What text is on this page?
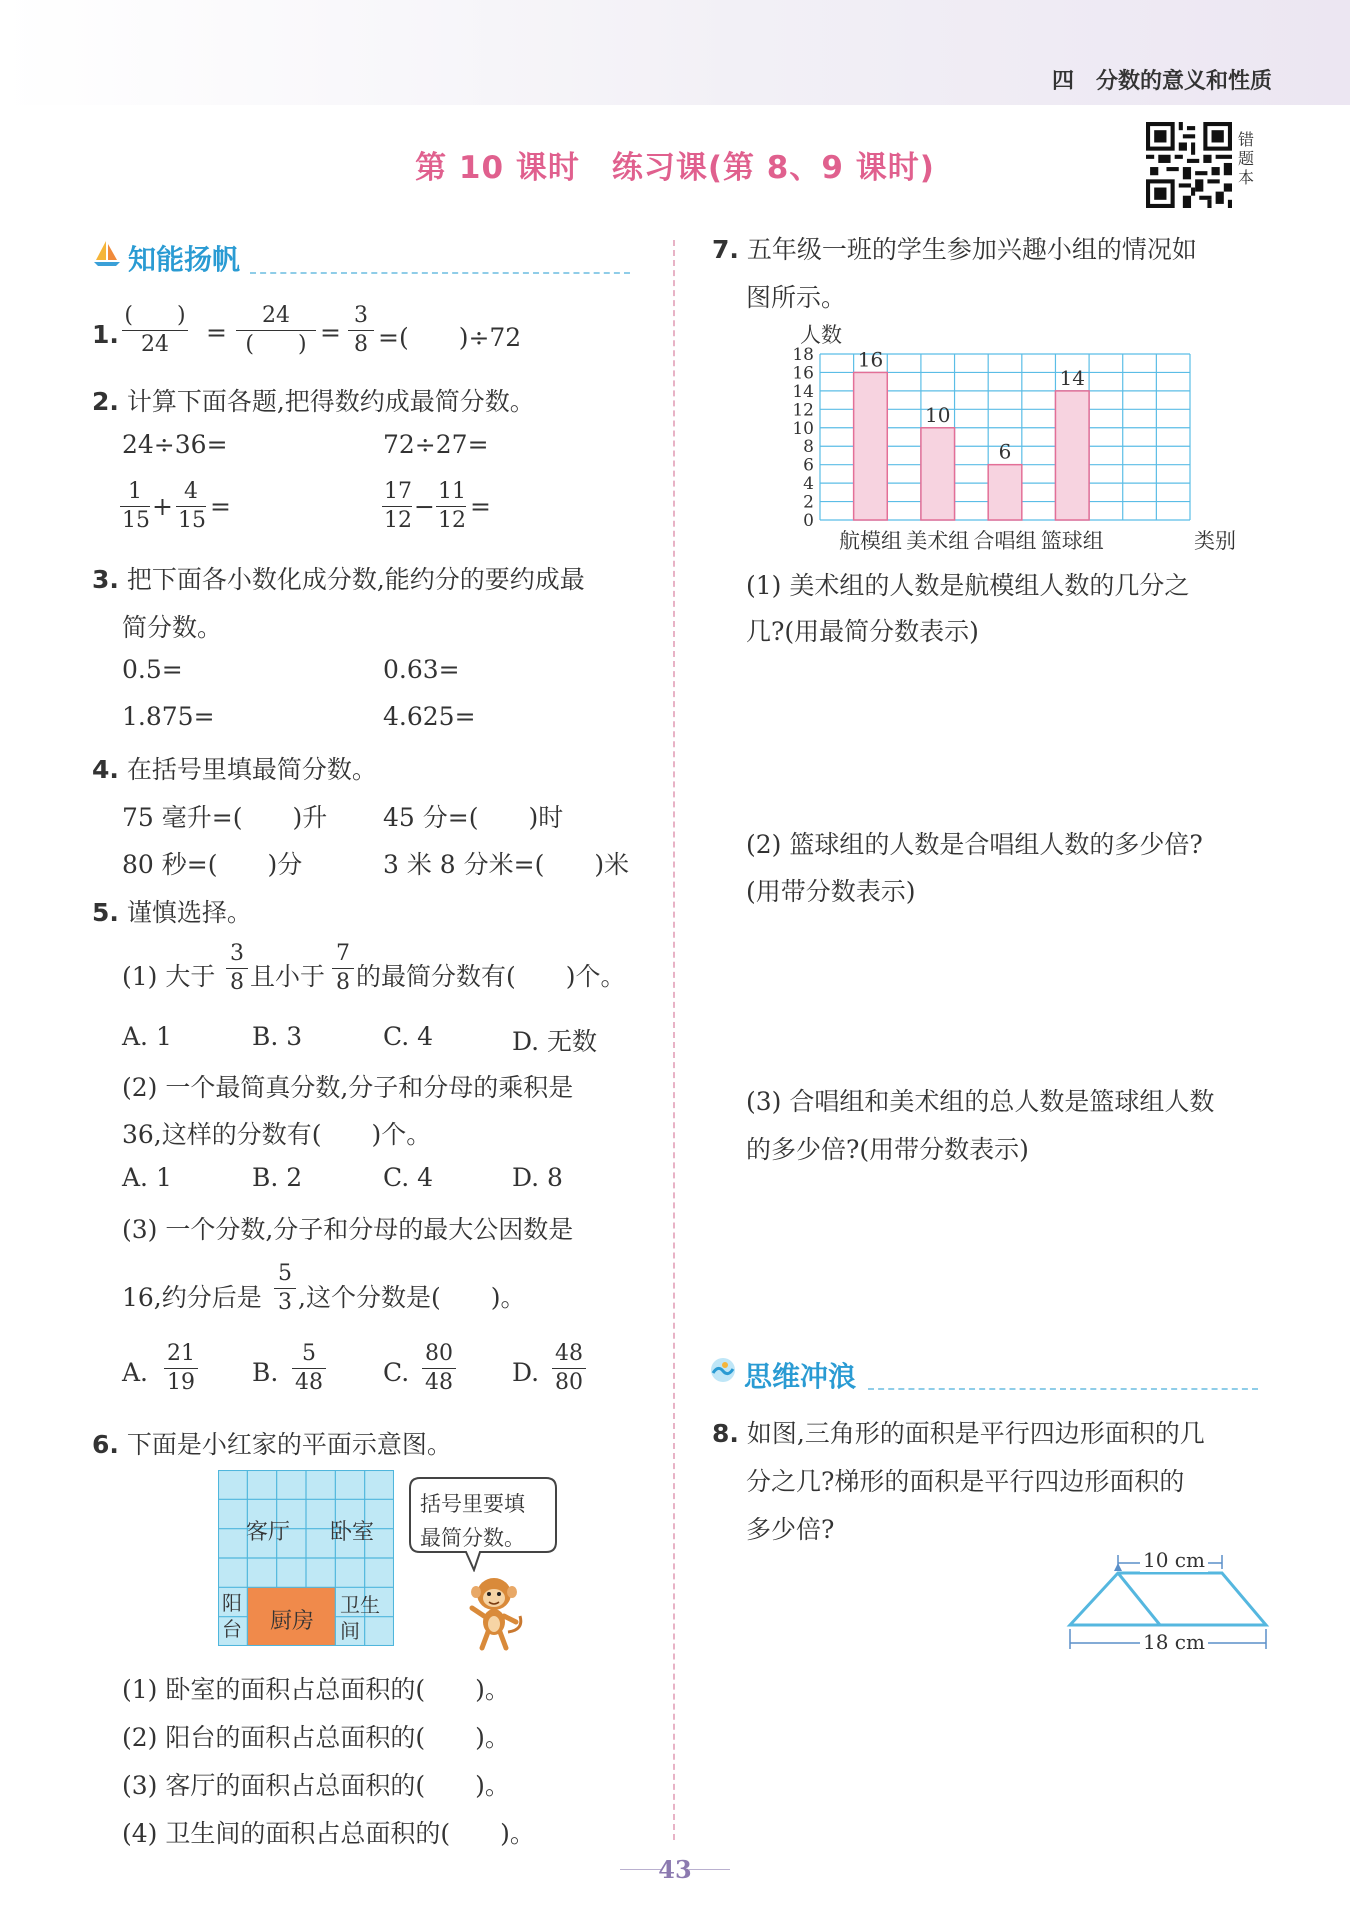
四　分数的意义和性质
第 10 课时　练习课(第 8、9 课时)
错
题
本
知能扬帆
1.
(　　)
24	=
24
(　　) = $\frac{3}{8}$ =(　　)÷72
2. 计算下面各题,把得数约成最简分数。
24÷36=	72÷27=
$\frac{1}{15} + \frac{4}{15}$ =	$\frac{17}{12} - \frac{11}{12}$ =
3. 把下面各小数化成分数,能约分的要约成最
简分数。
0.5=	0.63=
1.875=	4.625=
4. 在括号里填最简分数。
75 毫升=(　　)升 45 分=(　　)时
80 秒=(　　)分	3 米 8 分米=(　　)米
5. 谨慎选择。
(1) 大于 $\frac{3}{8}$ 且小于 $\frac{7}{8}$ 的最简分数有(　　)个。
A. 1	B. 3	C. 4	D. 无数
(2) 一个最简真分数,分子和分母的乘积是
36,这样的分数有(　　)个。
A. 1	B. 2	C. 4	D. 8
(3) 一个分数,分子和分母的最大公因数是
16,约分后是 $\frac{5}{3}$ ,这个分数是(　　)。
A. $\frac{21}{19} B$. $\frac{5}{48} C$. $\frac{80}{48} D$. $\frac{48}{80}$
6. 下面是小红家的平面示意图。
客厅 卧室
阳台 厨房
卫生间
括号里要填
最简分数。
(1) 卧室的面积占总面积的(　　)。
(2) 阳台的面积占总面积的(　　)。
(3) 客厅的面积占总面积的(　　)。
(4) 卫生间的面积占总面积的(　　)。
7. 五年级一班的学生参加兴趣小组的情况如
图所示。
0
2
4
6
8
10
12
14
16
18 16
航模组
10
美术组
6
合唱组
14
篮球组
人数
类别
(1) 美术组的人数是航模组人数的几分之
几?(用最简分数表示)
(2) 篮球组的人数是合唱组人数的多少倍?
(用带分数表示)
(3) 合唱组和美术组的总人数是篮球组人数
的多少倍?(用带分数表示)
思维冲浪
8. 如图,三角形的面积是平行四边形面积的几
分之几?梯形的面积是平行四边形面积的
多少倍?
10 cm
18 cm
43
